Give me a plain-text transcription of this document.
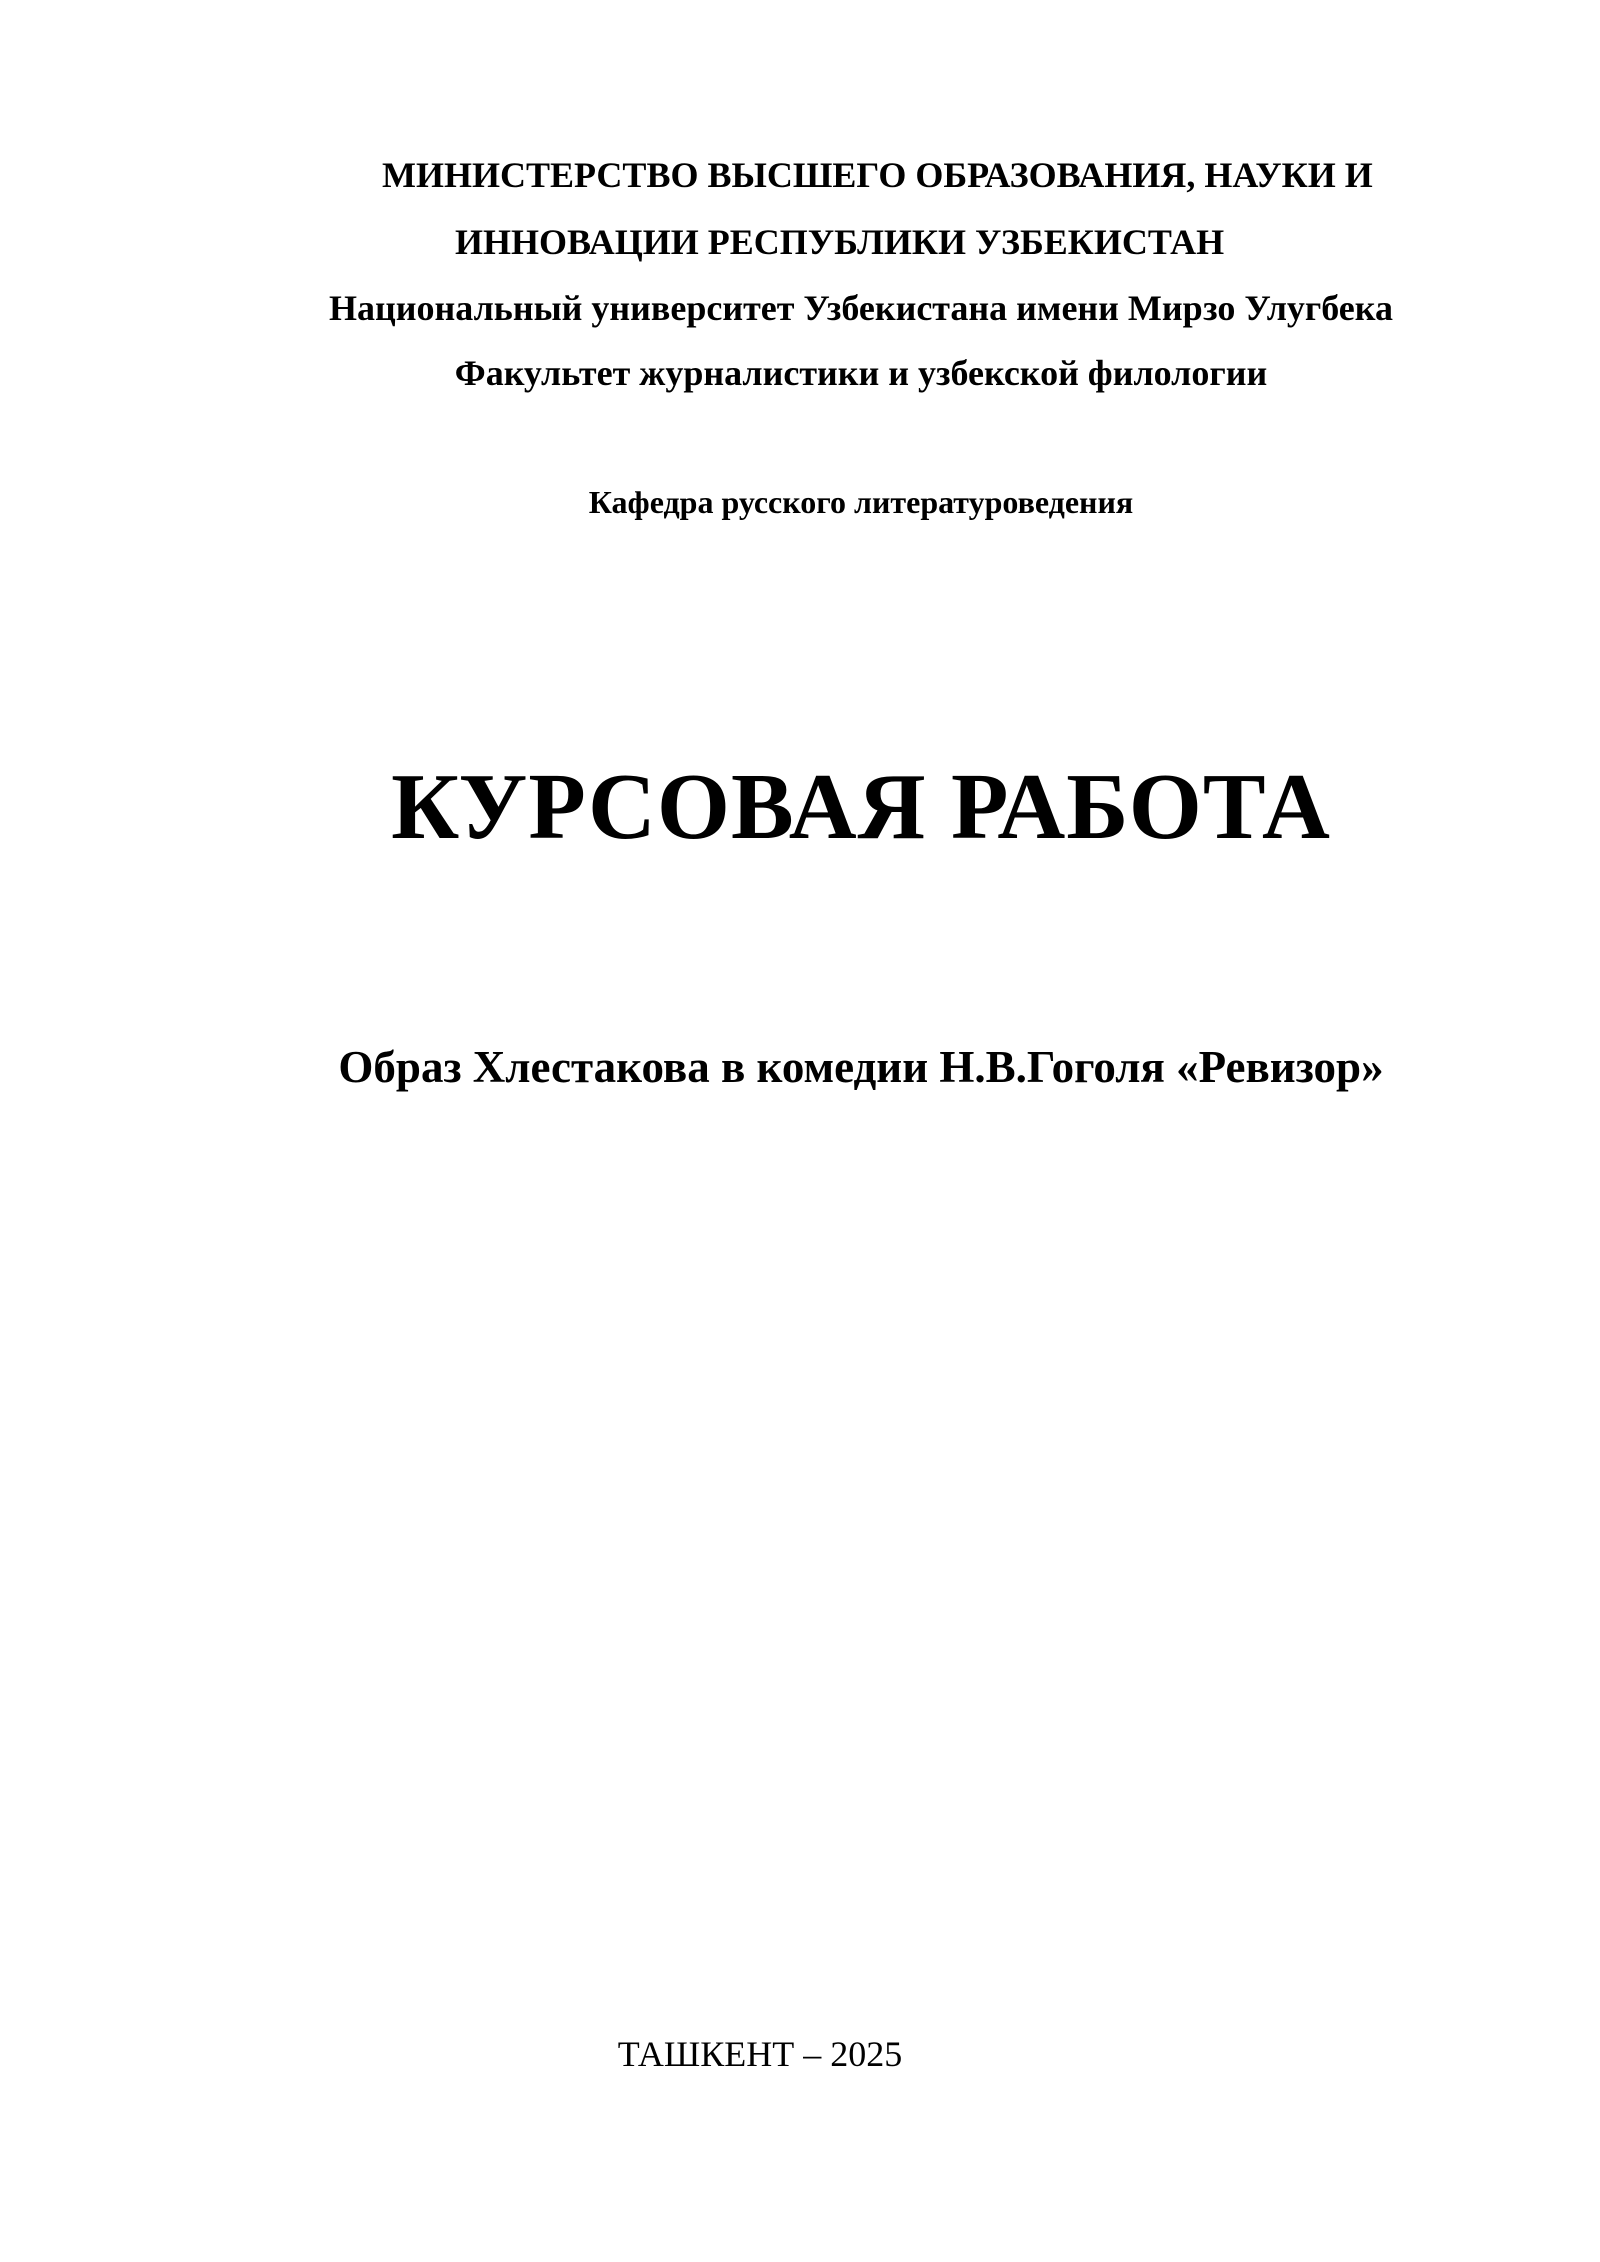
МИНИСТЕРСТВО ВЫСШЕГО ОБРАЗОВАНИЯ, НАУКИ И

ИННОВАЦИИ РЕСПУБЛИКИ УЗБЕКИСТАН

Национальный университет Узбекистана имени Мирзо Улугбека

Факультет журналистики и узбекской филологии

Кафедра русского литературоведения

КУРСОВАЯ РАБОТА
Образ Хлестакова в комедии Н.В.Гоголя «Ревизор»

ТАШКЕНТ – 2025
